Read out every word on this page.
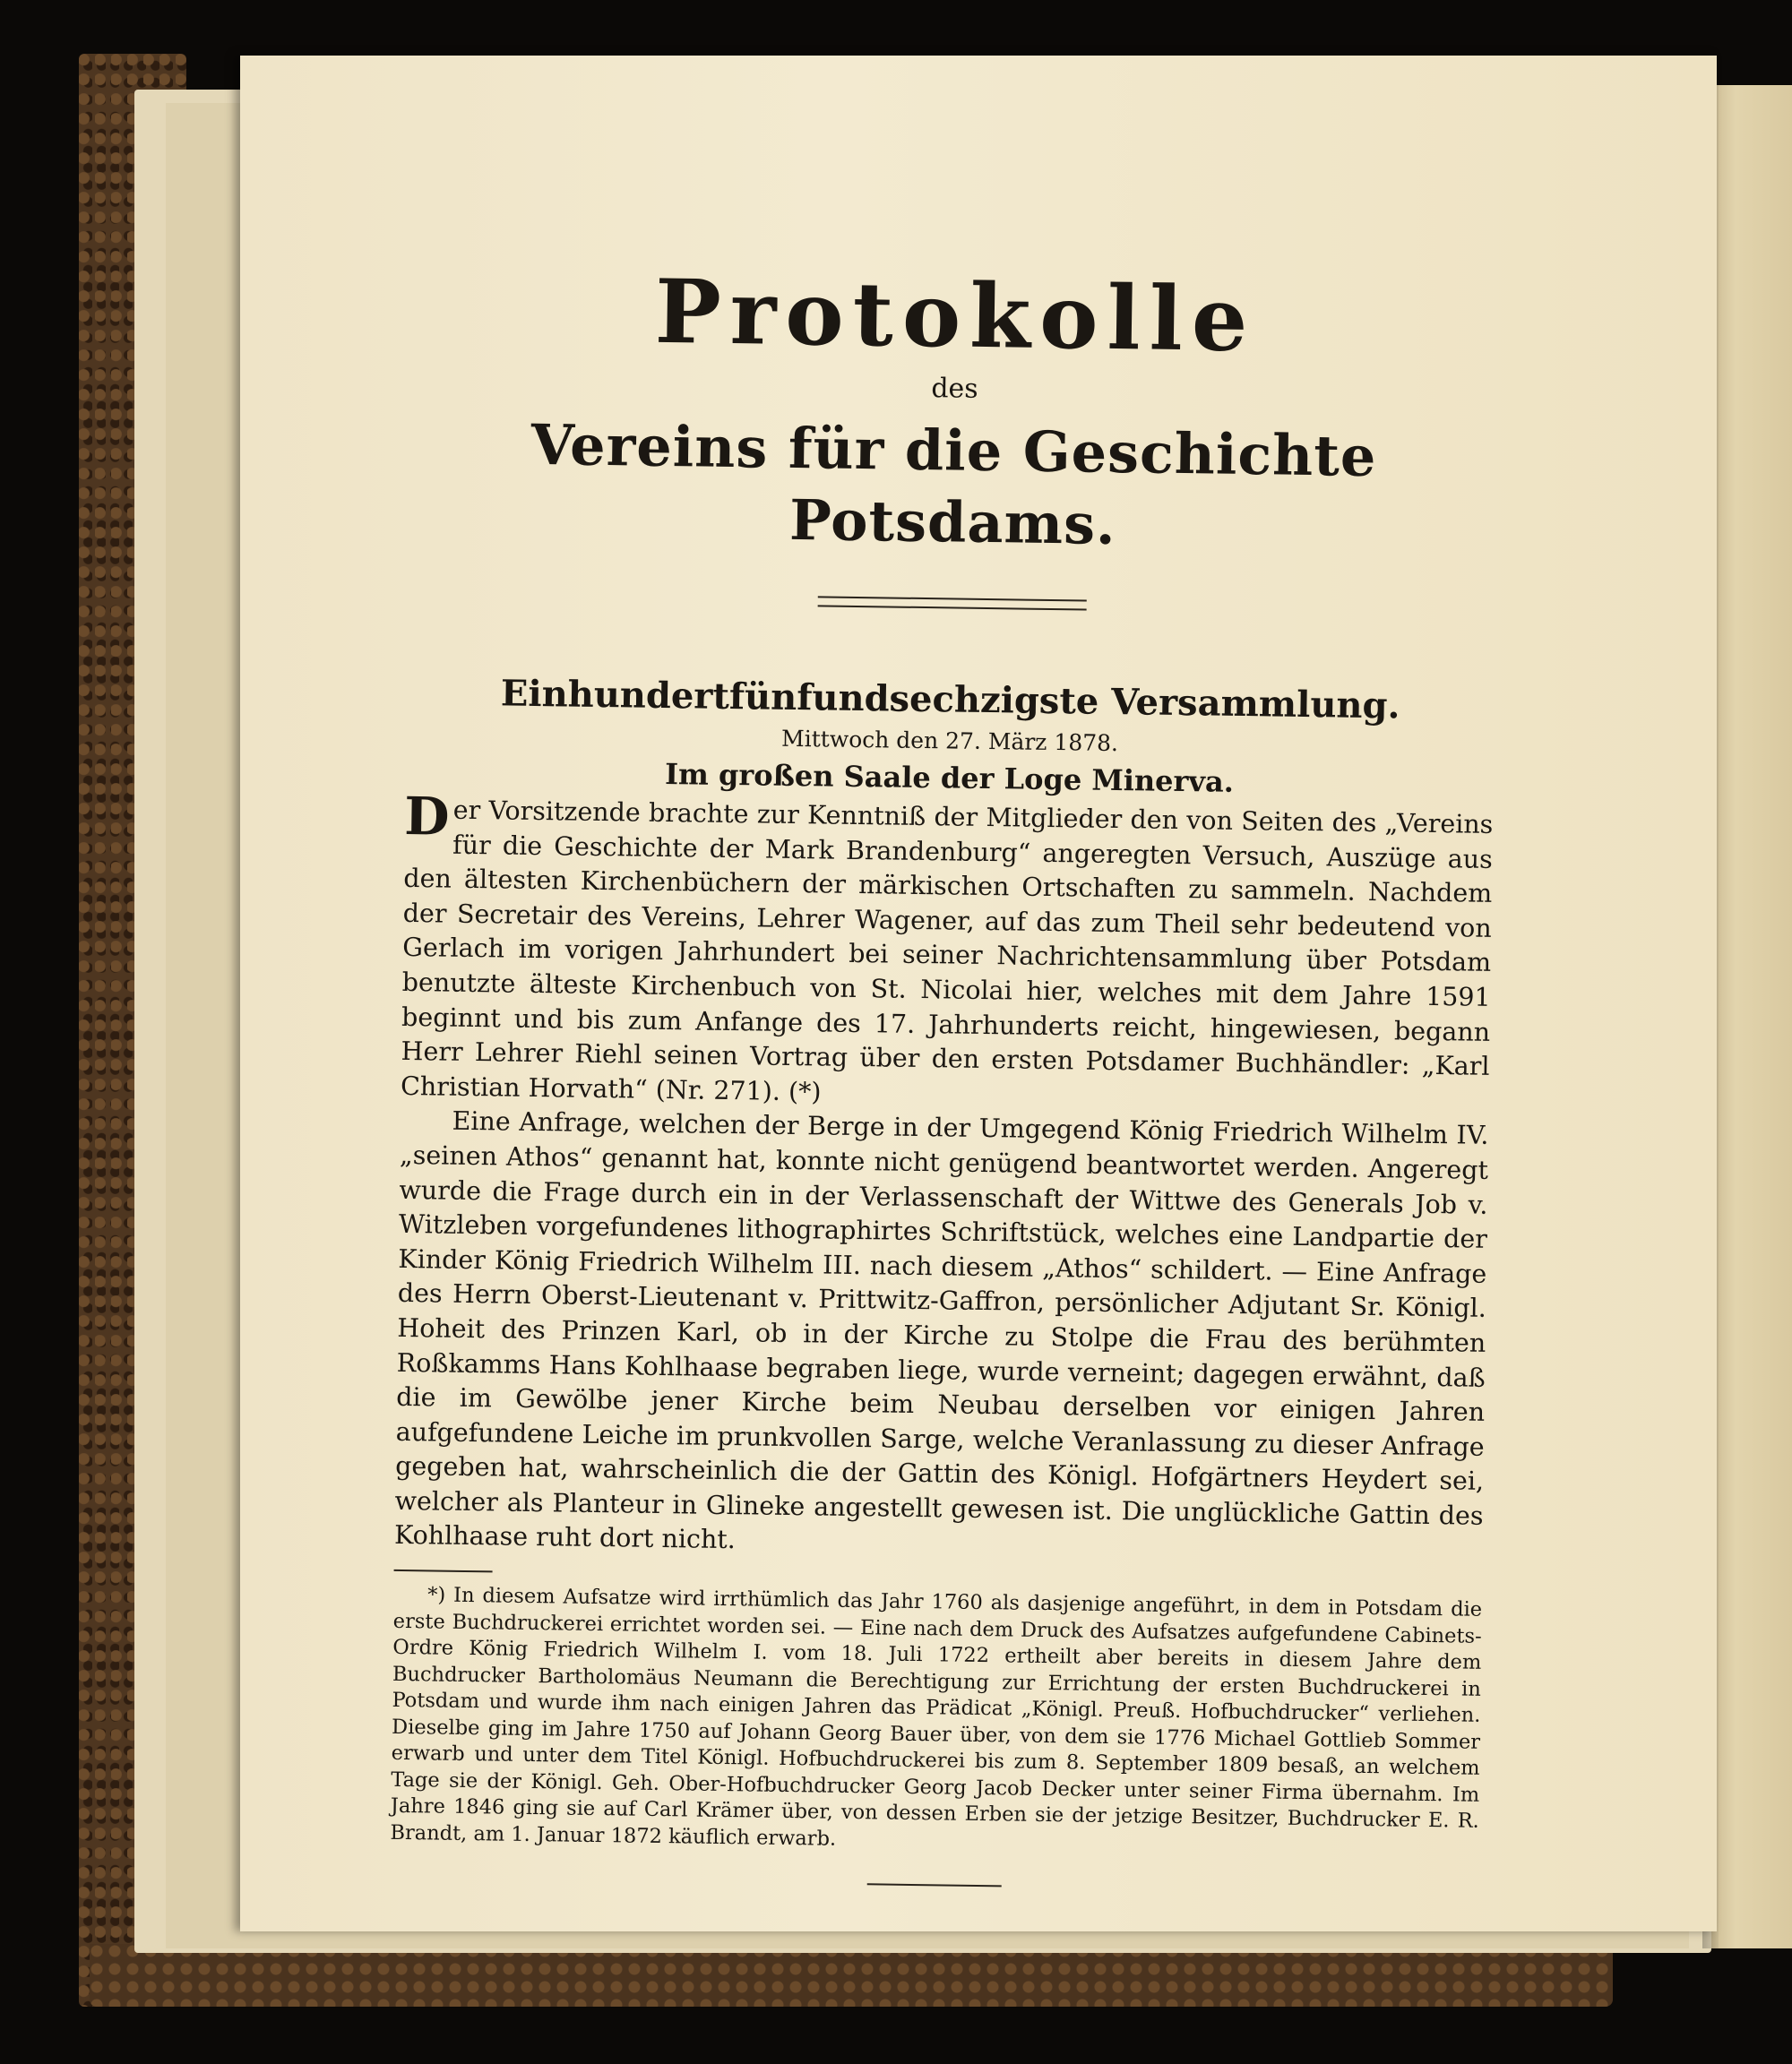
Protokolle
des
Vereins für die Geschichte Potsdams.
Einhundertfünfundsechzigste Versammlung.
Mittwoch den 27. März 1878.
Im großen Saale der Loge Minerva.

Der Vorsitzende brachte zur Kenntniß der Mitglieder den von Seiten des „Vereins für die Geschichte der Mark Brandenburg“ angeregten Versuch, Auszüge aus den ältesten Kirchenbüchern der märkischen Ortschaften zu sammeln. Nachdem der Secretair des Vereins, Lehrer Wagener, auf das zum Theil sehr bedeutend von Gerlach im vorigen Jahrhundert bei seiner Nachrichtensammlung über Potsdam benutzte älteste Kirchenbuch von St. Nicolai hier, welches mit dem Jahre 1591 beginnt und bis zum Anfange des 17. Jahrhunderts reicht, hingewiesen, begann Herr Lehrer Riehl seinen Vortrag über den ersten Potsdamer Buchhändler: „Karl Christian Horvath“ (Nr. 271). (*)

Eine Anfrage, welchen der Berge in der Umgegend König Friedrich Wilhelm IV. „seinen Athos“ genannt hat, konnte nicht genügend beantwortet werden. Angeregt wurde die Frage durch ein in der Verlassenschaft der Wittwe des Generals Job v. Witzleben vorgefundenes lithographirtes Schriftstück, welches eine Landpartie der Kinder König Friedrich Wilhelm III. nach diesem „Athos“ schildert. — Eine Anfrage des Herrn Oberst-Lieutenant v. Prittwitz-Gaffron, persönlicher Adjutant Sr. Königl. Hoheit des Prinzen Karl, ob in der Kirche zu Stolpe die Frau des berühmten Roßkamms Hans Kohlhaase begraben liege, wurde verneint; dagegen erwähnt, daß die im Gewölbe jener Kirche beim Neubau derselben vor einigen Jahren aufgefundene Leiche im prunkvollen Sarge, welche Veranlassung zu dieser Anfrage gegeben hat, wahrscheinlich die der Gattin des Königl. Hofgärtners Heydert sei, welcher als Planteur in Glineke angestellt gewesen ist. Die unglückliche Gattin des Kohlhaase ruht dort nicht.

*) In diesem Aufsatze wird irrthümlich das Jahr 1760 als dasjenige angeführt, in dem in Potsdam die erste Buchdruckerei errichtet worden sei. — Eine nach dem Druck des Aufsatzes aufgefundene Cabinets-Ordre König Friedrich Wilhelm I. vom 18. Juli 1722 ertheilt aber bereits in diesem Jahre dem Buchdrucker Bartholomäus Neumann die Berechtigung zur Errichtung der ersten Buchdruckerei in Potsdam und wurde ihm nach einigen Jahren das Prädicat „Königl. Preuß. Hofbuchdrucker“ verliehen. Dieselbe ging im Jahre 1750 auf Johann Georg Bauer über, von dem sie 1776 Michael Gottlieb Sommer erwarb und unter dem Titel Königl. Hofbuchdruckerei bis zum 8. September 1809 besaß, an welchem Tage sie der Königl. Geh. Ober-Hofbuchdrucker Georg Jacob Decker unter seiner Firma übernahm. Im Jahre 1846 ging sie auf Carl Krämer über, von dessen Erben sie der jetzige Besitzer, Buchdrucker E. R. Brandt, am 1. Januar 1872 käuflich erwarb.
